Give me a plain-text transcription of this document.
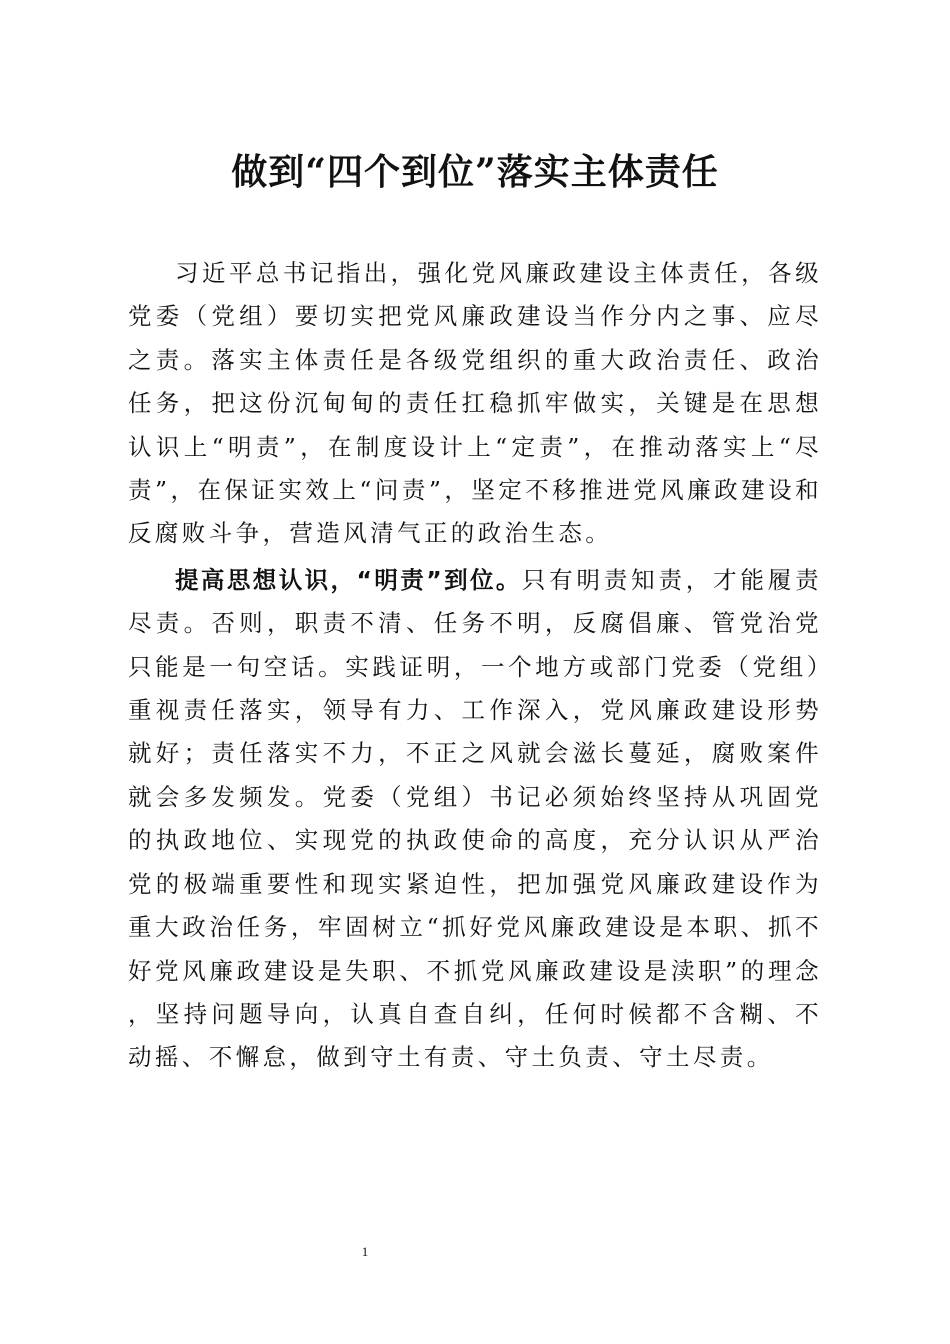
做到“四个到位”落实主体责任

习近平总书记指出，强化党风廉政建设主体责任，各级党委（党组）要切实把党风廉政建设当作分内之事、应尽之责。落实主体责任是各级党组织的重大政治责任、政治任务，把这份沉甸甸的责任扛稳抓牢做实，关键是在思想认识上“明责”，在制度设计上“定责”，在推动落实上“尽责”，在保证实效上“问责”，坚定不移推进党风廉政建设和反腐败斗争，营造风清气正的政治生态。

提高思想认识，“明责”到位。只有明责知责，才能履责尽责。否则，职责不清、任务不明，反腐倡廉、管党治党只能是一句空话。实践证明，一个地方或部门党委（党组）重视责任落实，领导有力、工作深入，党风廉政建设形势就好；责任落实不力，不正之风就会滋长蔓延，腐败案件就会多发频发。党委（党组）书记必须始终坚持从巩固党的执政地位、实现党的执政使命的高度，充分认识从严治党的极端重要性和现实紧迫性，把加强党风廉政建设作为重大政治任务，牢固树立“抓好党风廉政建设是本职、抓不好党风廉政建设是失职、不抓党风廉政建设是渎职”的理念，坚持问题导向，认真自查自纠，任何时候都不含糊、不动摇、不懈怠，做到守土有责、守土负责、守土尽责。

1
